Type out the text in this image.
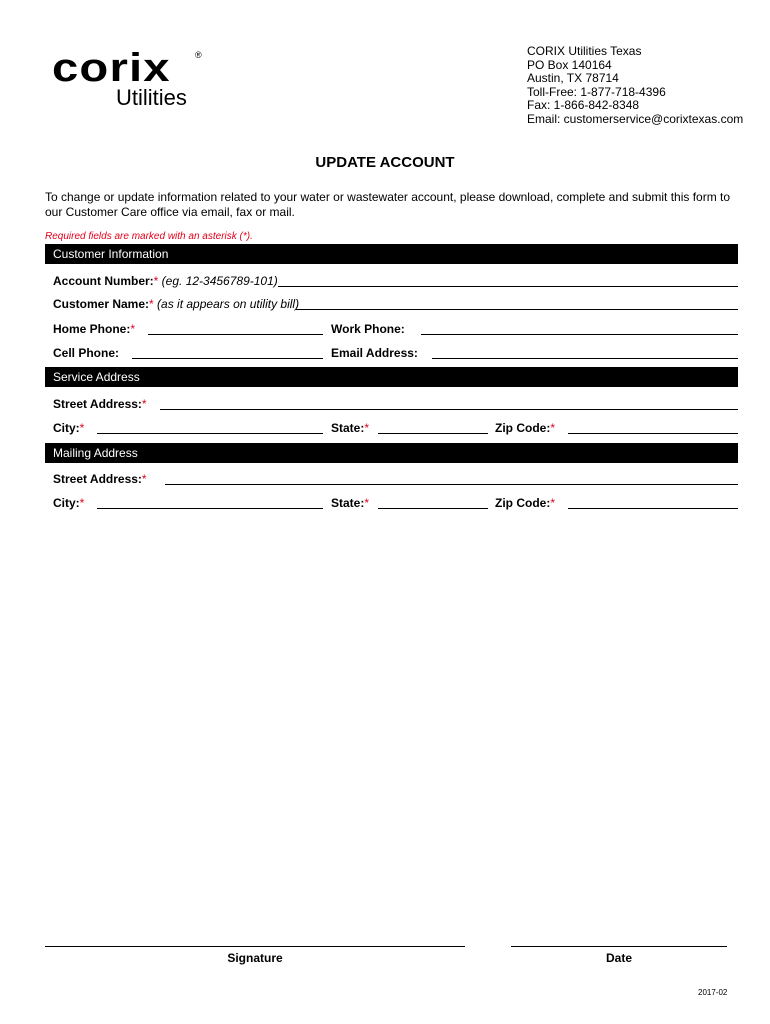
corix	®
Utilities
CORIX Utilities Texas
PO Box 140164
Austin, TX 78714
Toll-Free: 1-877-718-4396
Fax: 1-866-842-8348
Email: customerservice@corixtexas.com
UPDATE ACCOUNT
To change or update information related to your water or wastewater account, please download, complete and submit this form to our Customer Care office via email, fax or mail.
Required fields are marked with an asterisk (*).
Customer Information
Account Number:* (eg. 12-3456789-101)
Customer Name:* (as it appears on utility bill)
Home Phone:*	Work Phone:
Cell Phone:	Email Address:
Service Address
Street Address:*
City:*	State:*	Zip Code:*
Mailing Address
Street Address:*
City:*	State:*	Zip Code:*
Signature	Date
2017-02
